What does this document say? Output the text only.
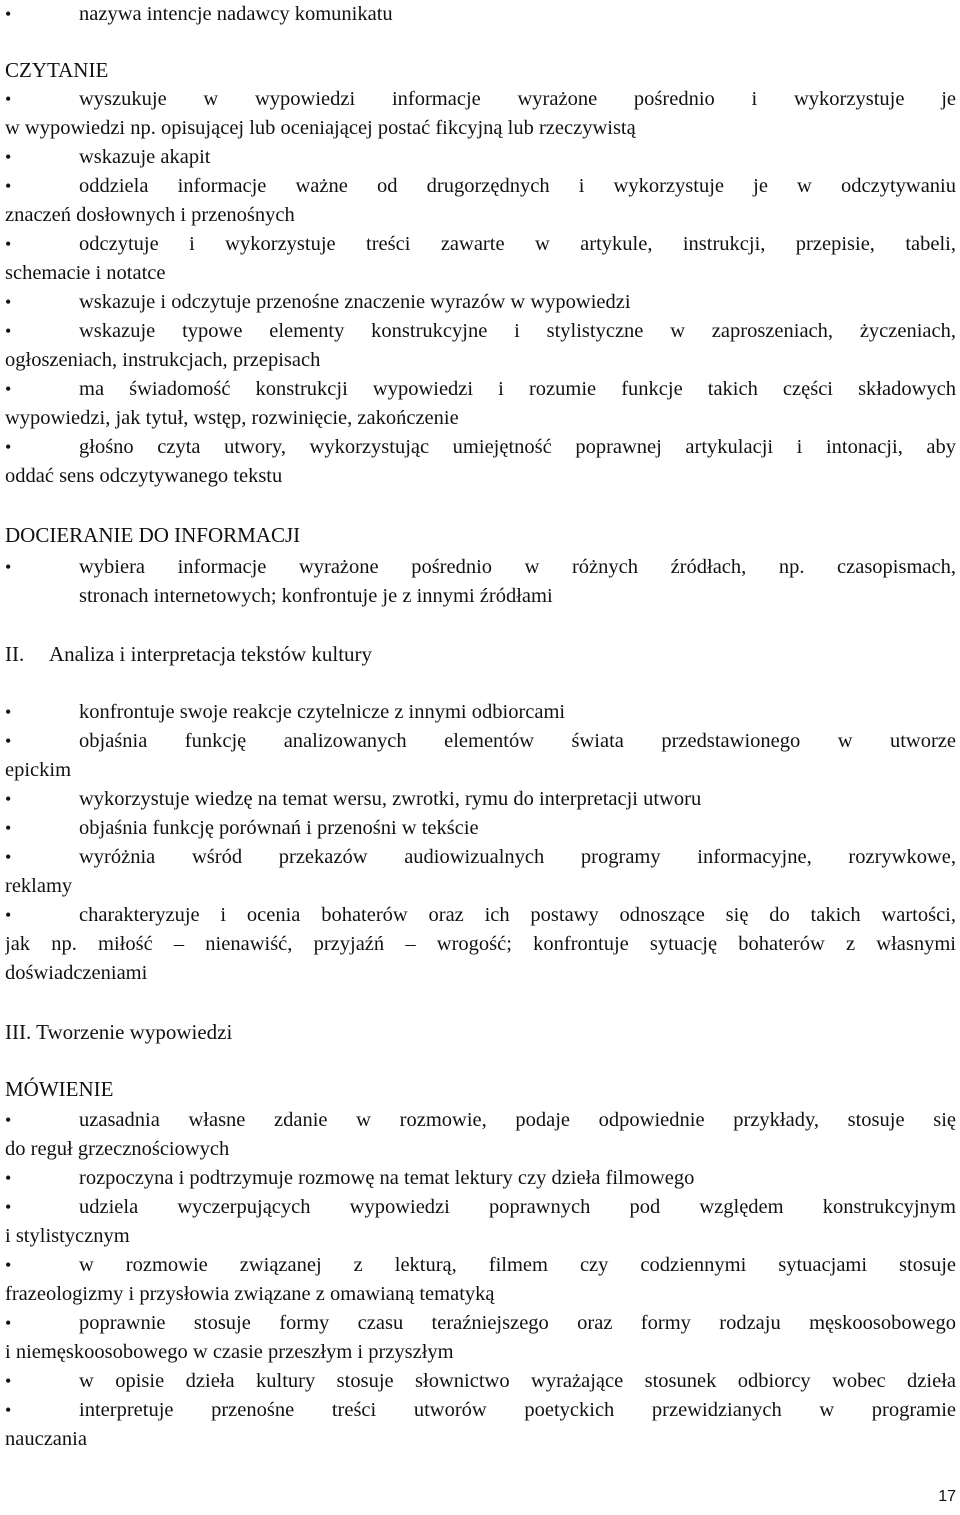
•	nazywa intencje nadawcy komunikatu
CZYTANIE
•	wyszukuje w wypowiedzi informacje wyrażone pośrednio i wykorzystuje je
w wypowiedzi np. opisującej lub oceniającej postać fikcyjną lub rzeczywistą
•	wskazuje akapit
•	oddziela informacje ważne od drugorzędnych i wykorzystuje je w odczytywaniu
znaczeń dosłownych i przenośnych
•	odczytuje i wykorzystuje treści zawarte w artykule, instrukcji, przepisie, tabeli,
schemacie i notatce
•	wskazuje i odczytuje przenośne znaczenie wyrazów w wypowiedzi
•	wskazuje typowe elementy konstrukcyjne i stylistyczne w zaproszeniach, życzeniach,
ogłoszeniach, instrukcjach, przepisach
•	ma świadomość konstrukcji wypowiedzi i rozumie funkcje takich części składowych
wypowiedzi, jak tytuł, wstęp, rozwinięcie, zakończenie
•	głośno czyta utwory, wykorzystując umiejętność poprawnej artykulacji i intonacji, aby
oddać sens odczytywanego tekstu
DOCIERANIE DO INFORMACJI
•	wybiera informacje wyrażone pośrednio w różnych źródłach, np. czasopismach,
stronach internetowych; konfrontuje je z innymi źródłami
II. Analiza i interpretacja tekstów kultury
•	konfrontuje swoje reakcje czytelnicze z innymi odbiorcami
•	objaśnia funkcję analizowanych elementów świata przedstawionego w utworze
epickim
•	wykorzystuje wiedzę na temat wersu, zwrotki, rymu do interpretacji utworu
•	objaśnia funkcję porównań i przenośni w tekście
•	wyróżnia wśród przekazów audiowizualnych programy informacyjne, rozrywkowe,
reklamy
•	charakteryzuje i ocenia bohaterów oraz ich postawy odnoszące się do takich wartości,
jak np. miłość – nienawiść, przyjaźń – wrogość; konfrontuje sytuację bohaterów z własnymi
doświadczeniami
III. Tworzenie wypowiedzi
MÓWIENIE
•	uzasadnia własne zdanie w rozmowie, podaje odpowiednie przykłady, stosuje się
do reguł grzecznościowych
•	rozpoczyna i podtrzymuje rozmowę na temat lektury czy dzieła filmowego
•	udziela wyczerpujących wypowiedzi poprawnych pod względem konstrukcyjnym
i stylistycznym
•	w rozmowie związanej z lekturą, filmem czy codziennymi sytuacjami stosuje
frazeologizmy i przysłowia związane z omawianą tematyką
•	poprawnie stosuje formy czasu teraźniejszego oraz formy rodzaju męskoosobowego
i niemęskoosobowego w czasie przeszłym i przyszłym
•	w opisie dzieła kultury stosuje słownictwo wyrażające stosunek odbiorcy wobec dzieła
•	interpretuje przenośne treści utworów poetyckich przewidzianych w programie
nauczania
17
